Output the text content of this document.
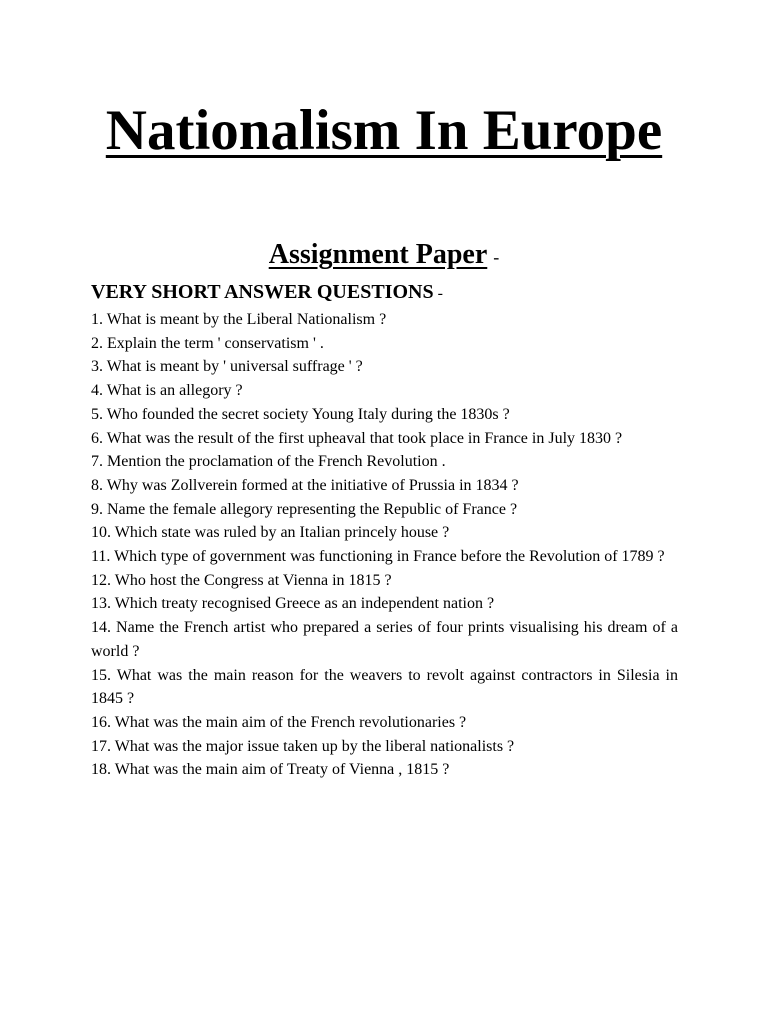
Nationalism In Europe
Assignment Paper -
VERY SHORT ANSWER QUESTIONS -
1. What is meant by the Liberal Nationalism ?
2. Explain the term ' conservatism ' .
3. What is meant by ' universal suffrage ' ?
4. What is an allegory ?
5. Who founded the secret society Young Italy during the 1830s ?
6. What was the result of the first upheaval that took place in France in July 1830 ?
7. Mention the proclamation of the French Revolution .
8. Why was Zollverein formed at the initiative of Prussia in 1834 ?
9. Name the female allegory representing the Republic of France ?
10. Which state was ruled by an Italian princely house ?
11. Which type of government was functioning in France before the Revolution of 1789 ?
12. Who host the Congress at Vienna in 1815 ?
13. Which treaty recognised Greece as an independent nation ?
14. Name the French artist who prepared a series of four prints visualising his dream of a world ?
15. What was the main reason for the weavers to revolt against contractors in Silesia in 1845 ?
16. What was the main aim of the French revolutionaries ?
17. What was the major issue taken up by the liberal nationalists ?
18. What was the main aim of Treaty of Vienna , 1815 ?
